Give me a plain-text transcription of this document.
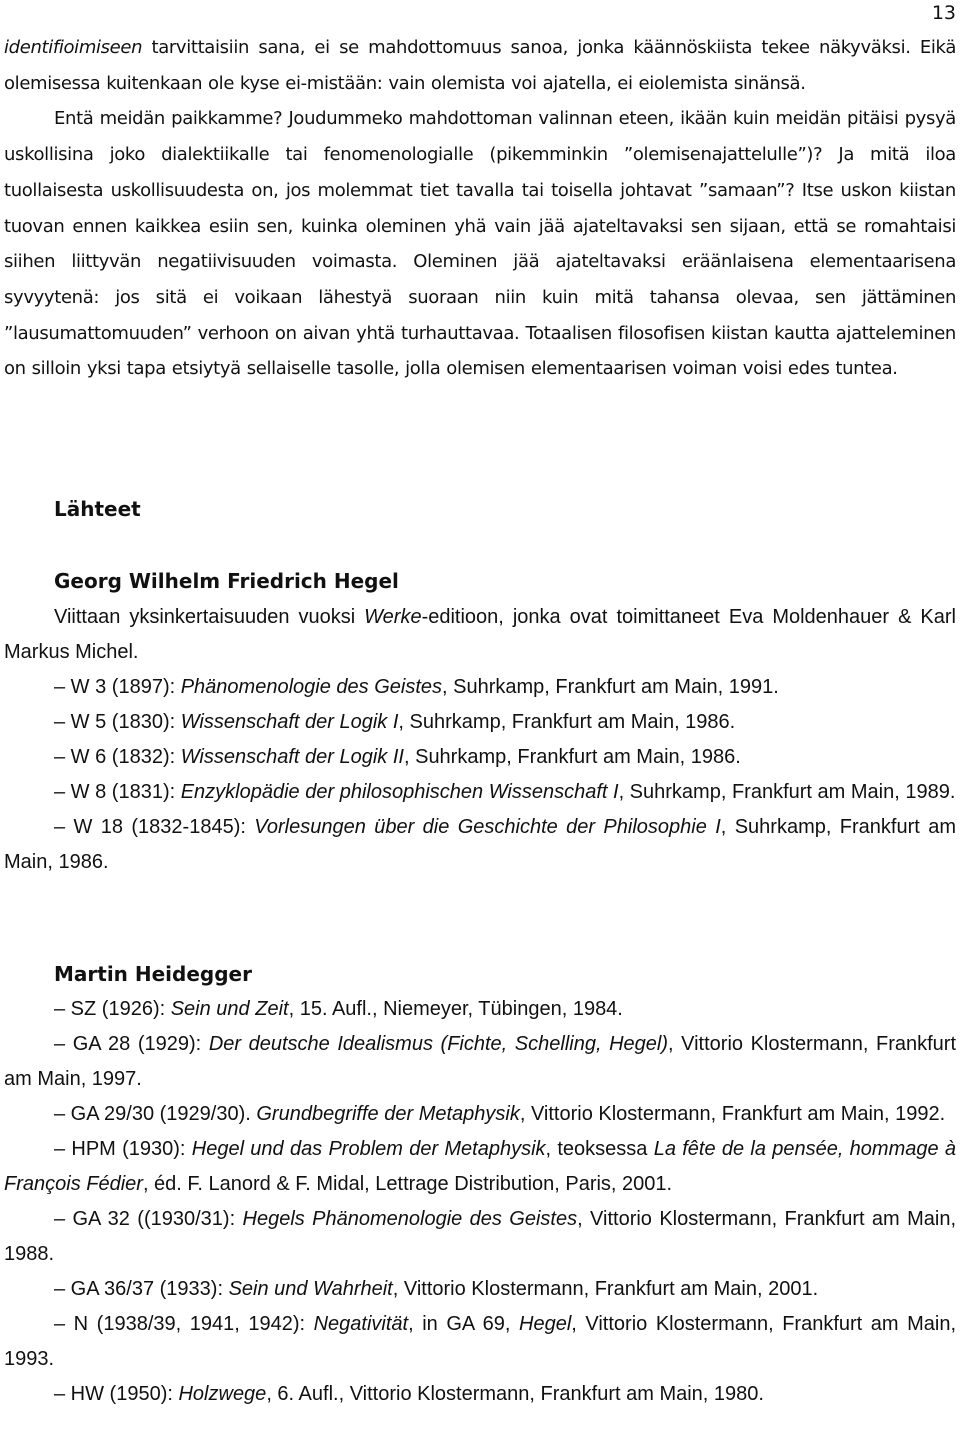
13

identifioimiseen tarvittaisiin sana, ei se mahdottomuus sanoa, jonka käännöskiista tekee näkyväksi. Eikä olemisessa kuitenkaan ole kyse ei-mistään: vain olemista voi ajatella, ei eiolemista sinänsä.
Entä meidän paikkamme? Joudummeko mahdottoman valinnan eteen, ikään kuin meidän pitäisi pysyä uskollisina joko dialektiikalle tai fenomenologialle (pikemminkin ”olemisenajattelulle”)? Ja mitä iloa tuollaisesta uskollisuudesta on, jos molemmat tiet tavalla tai toisella johtavat ”samaan”? Itse uskon kiistan tuovan ennen kaikkea esiin sen, kuinka oleminen yhä vain jää ajateltavaksi sen sijaan, että se romahtaisi siihen liittyvän negatiivisuuden voimasta. Oleminen jää ajateltavaksi eräänlaisena elementaarisena syvyytenä: jos sitä ei voikaan lähestyä suoraan niin kuin mitä tahansa olevaa, sen jättäminen ”lausumattomuuden” verhoon on aivan yhtä turhauttavaa. Totaalisen filosofisen kiistan kautta ajatteleminen on silloin yksi tapa etsiytyä sellaiselle tasolle, jolla olemisen elementaarisen voiman voisi edes tuntea.

Lähteet
Georg Wilhelm Friedrich Hegel

Viittaan yksinkertaisuuden vuoksi Werke-editioon, jonka ovat toimittaneet Eva Moldenhauer & Karl Markus Michel.

– W 3 (1897): Phänomenologie des Geistes, Suhrkamp, Frankfurt am Main, 1991.

– W 5 (1830): Wissenschaft der Logik I, Suhrkamp, Frankfurt am Main, 1986.

– W 6 (1832): Wissenschaft der Logik II, Suhrkamp, Frankfurt am Main, 1986.

– W 8 (1831): Enzyklopädie der philosophischen Wissenschaft I, Suhrkamp, Frankfurt am Main, 1989.

– W 18 (1832-1845): Vorlesungen über die Geschichte der Philosophie I, Suhrkamp, Frankfurt am Main, 1986.

Martin Heidegger

– SZ (1926): Sein und Zeit, 15. Aufl., Niemeyer, Tübingen, 1984.

– GA 28 (1929): Der deutsche Idealismus (Fichte, Schelling, Hegel), Vittorio Klostermann, Frankfurt am Main, 1997.

– GA 29/30 (1929/30). Grundbegriffe der Metaphysik, Vittorio Klostermann, Frankfurt am Main, 1992.

– HPM (1930): Hegel und das Problem der Metaphysik, teoksessa La fête de la pensée, hommage à François Fédier, éd. F. Lanord & F. Midal, Lettrage Distribution, Paris, 2001.

– GA 32 ((1930/31): Hegels Phänomenologie des Geistes, Vittorio Klostermann, Frankfurt am Main, 1988.

– GA 36/37 (1933): Sein und Wahrheit, Vittorio Klostermann, Frankfurt am Main, 2001.

– N (1938/39, 1941, 1942): Negativität, in GA 69, Hegel, Vittorio Klostermann, Frankfurt am Main, 1993.

– HW (1950): Holzwege, 6. Aufl., Vittorio Klostermann, Frankfurt am Main, 1980.
